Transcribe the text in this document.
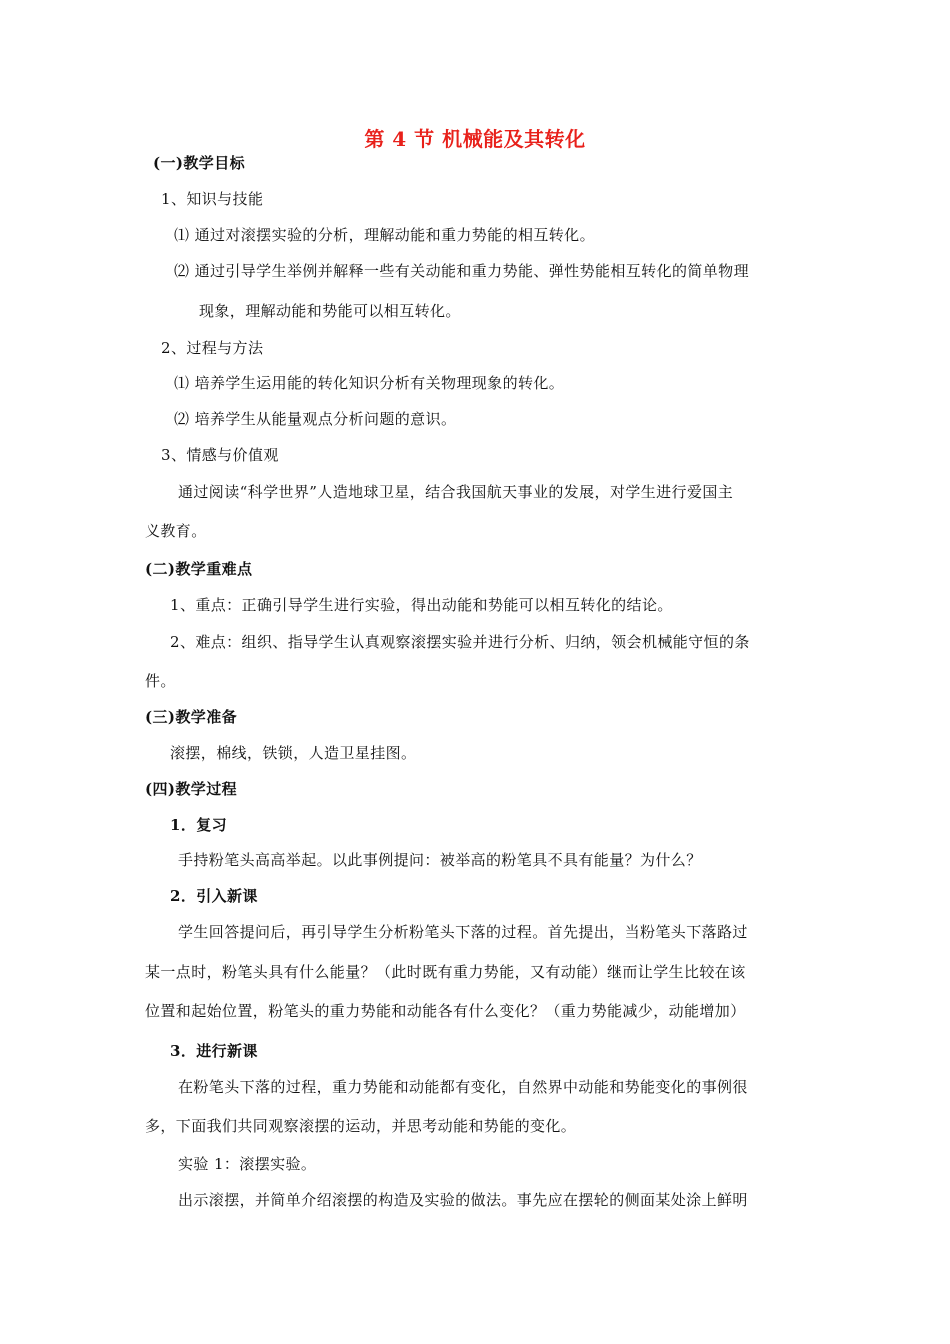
第 4 节 机械能及其转化
(一)教学目标
1、知识与技能
⑴ 通过对滚摆实验的分析，理解动能和重力势能的相互转化。
⑵ 通过引导学生举例并解释一些有关动能和重力势能、弹性势能相互转化的简单物理
现象，理解动能和势能可以相互转化。
2、过程与方法
⑴ 培养学生运用能的转化知识分析有关物理现象的转化。
⑵ 培养学生从能量观点分析问题的意识。
3、情感与价值观
通过阅读“科学世界”人造地球卫星，结合我国航天事业的发展，对学生进行爱国主
义教育。
(二)教学重难点
1、重点：正确引导学生进行实验，得出动能和势能可以相互转化的结论。
2、难点：组织、指导学生认真观察滚摆实验并进行分析、归纳，领会机械能守恒的条
件。
(三)教学准备
滚摆，棉线，铁锁，人造卫星挂图。
(四)教学过程
1．复习
手持粉笔头高高举起。以此事例提问：被举高的粉笔具不具有能量？为什么？
2．引入新课
学生回答提问后，再引导学生分析粉笔头下落的过程。首先提出，当粉笔头下落路过
某一点时，粉笔头具有什么能量？（此时既有重力势能，又有动能）继而让学生比较在该
位置和起始位置，粉笔头的重力势能和动能各有什么变化？（重力势能减少，动能增加）
3．进行新课
在粉笔头下落的过程，重力势能和动能都有变化，自然界中动能和势能变化的事例很
多，下面我们共同观察滚摆的运动，并思考动能和势能的变化。
实验 1：滚摆实验。
出示滚摆，并简单介绍滚摆的构造及实验的做法。事先应在摆轮的侧面某处涂上鲜明
